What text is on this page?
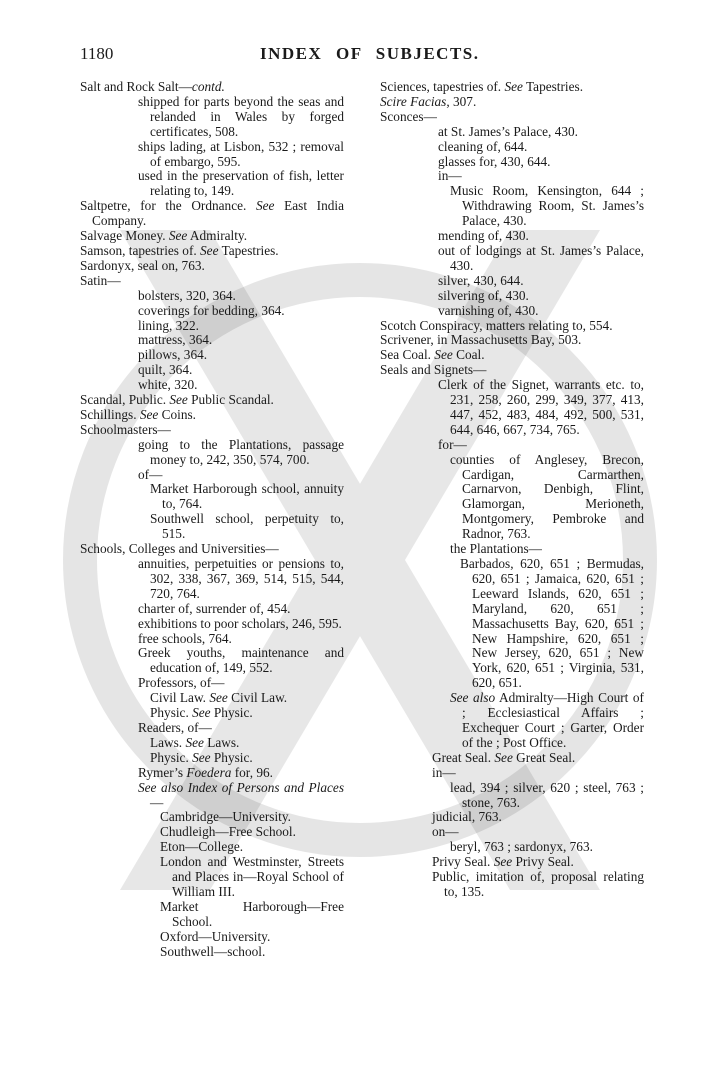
1180	INDEX OF SUBJECTS.
Salt and Rock Salt—contd.
shipped for parts beyond the seas and relanded in Wales by forged certificates, 508.
ships lading, at Lisbon, 532 ; removal of embargo, 595.
used in the preservation of fish, letter relating to, 149.
Saltpetre, for the Ordnance. See East India Company.
Salvage Money. See Admiralty.
Samson, tapestries of. See Tapestries.
Sardonyx, seal on, 763.
Satin—
bolsters, 320, 364.
coverings for bedding, 364.
lining, 322.
mattress, 364.
pillows, 364.
quilt, 364.
white, 320.
Scandal, Public. See Public Scandal.
Schillings. See Coins.
Schoolmasters—
going to the Plantations, passage money to, 242, 350, 574, 700.
of—
Market Harborough school, annuity to, 764.
Southwell school, perpetuity to, 515.
Schools, Colleges and Universities—
annuities, perpetuities or pensions to, 302, 338, 367, 369, 514, 515, 544, 720, 764.
charter of, surrender of, 454.
exhibitions to poor scholars, 246, 595.
free schools, 764.
Greek youths, maintenance and education of, 149, 552.
Professors, of—
Civil Law. See Civil Law.
Physic. See Physic.
Readers, of—
Laws. See Laws.
Physic. See Physic.
Rymer’s Foedera for, 96.
See also Index of Persons and Places—
Cambridge—University.
Chudleigh—Free School.
Eton—College.
London and Westminster, Streets and Places in—Royal School of William III.
Market Harborough—Free School.
Oxford—University.
Southwell—school.
Sciences, tapestries of. See Tapestries.
Scire Facias, 307.
Sconces—
at St. James’s Palace, 430.
cleaning of, 644.
glasses for, 430, 644.
in—
Music Room, Kensington, 644 ; Withdrawing Room, St. James’s Palace, 430.
mending of, 430.
out of lodgings at St. James’s Palace, 430.
silver, 430, 644.
silvering of, 430.
varnishing of, 430.
Scotch Conspiracy, matters relating to, 554.
Scrivener, in Massachusetts Bay, 503.
Sea Coal. See Coal.
Seals and Signets—
Clerk of the Signet, warrants etc. to, 231, 258, 260, 299, 349, 377, 413, 447, 452, 483, 484, 492, 500, 531, 644, 646, 667, 734, 765.
for—
counties of Anglesey, Brecon, Cardigan, Carmarthen, Carnarvon, Denbigh, Flint, Glamorgan, Merioneth, Montgomery, Pembroke and Radnor, 763.
the Plantations—
Barbados, 620, 651 ; Bermudas, 620, 651 ; Jamaica, 620, 651 ; Leeward Islands, 620, 651 ; Maryland, 620, 651 ; Massachusetts Bay, 620, 651 ; New Hampshire, 620, 651 ; New Jersey, 620, 651 ; New York, 620, 651 ; Virginia, 531, 620, 651.
See also Admiralty—High Court of ; Ecclesiastical Affairs ; Exchequer Court ; Garter, Order of the ; Post Office.
Great Seal. See Great Seal.
in—
lead, 394 ; silver, 620 ; steel, 763 ; stone, 763.
judicial, 763.
on—
beryl, 763 ; sardonyx, 763.
Privy Seal. See Privy Seal.
Public, imitation of, proposal relating to, 135.
